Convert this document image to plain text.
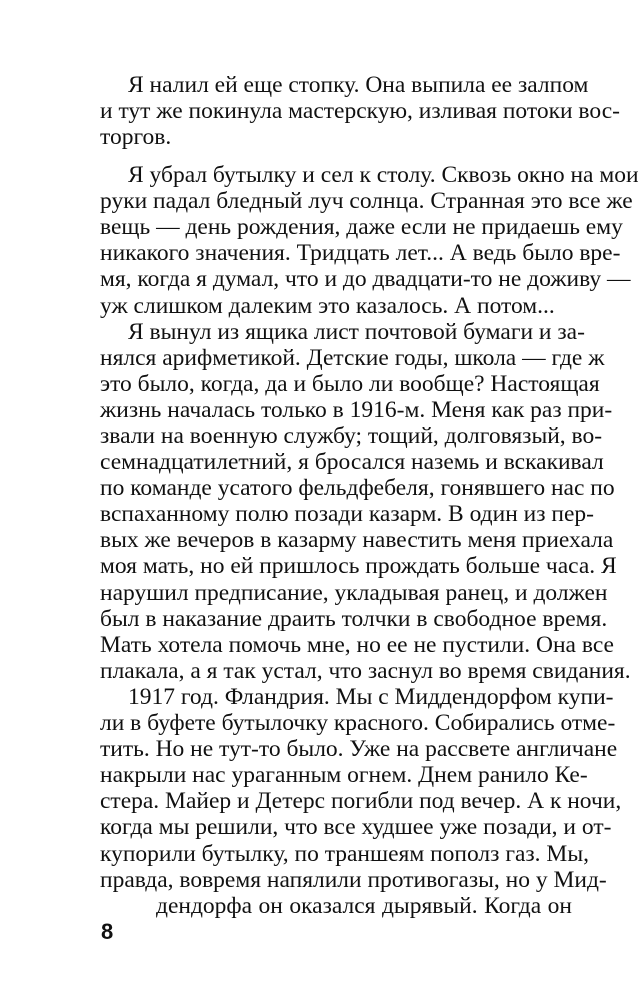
Я налил ей еще стопку. Она выпила ее залпом
и тут же покинула мастерскую, изливая потоки вос-
торгов.
Я убрал бутылку и сел к столу. Сквозь окно на мои
руки падал бледный луч солнца. Странная это все же
вещь — день рождения, даже если не придаешь ему
никакого значения. Тридцать лет... А ведь было вре-
мя, когда я думал, что и до двадцати-то не доживу —
уж слишком далеким это казалось. А потом...
Я вынул из ящика лист почтовой бумаги и за-
нялся арифметикой. Детские годы, школа — где ж
это было, когда, да и было ли вообще? Настоящая
жизнь началась только в 1916-м. Меня как раз при-
звали на военную службу; тощий, долговязый, во-
семнадцатилетний, я бросался наземь и вскакивал
по команде усатого фельдфебеля, гонявшего нас по
вспаханному полю позади казарм. В один из пер-
вых же вечеров в казарму навестить меня приехала
моя мать, но ей пришлось прождать больше часа. Я
нарушил предписание, укладывая ранец, и должен
был в наказание драить толчки в свободное время.
Мать хотела помочь мне, но ее не пустили. Она все
плакала, а я так устал, что заснул во время свидания.
1917 год. Фландрия. Мы с Миддендорфом купи-
ли в буфете бутылочку красного. Собирались отме-
тить. Но не тут-то было. Уже на рассвете англичане
накрыли нас ураганным огнем. Днем ранило Ке-
стера. Майер и Детерс погибли под вечер. А к ночи,
когда мы решили, что все худшее уже позади, и от-
купорили бутылку, по траншеям пополз газ. Мы,
правда, вовремя напялили противогазы, но у Мид-
дендорфа он оказался дырявый. Когда он
8
